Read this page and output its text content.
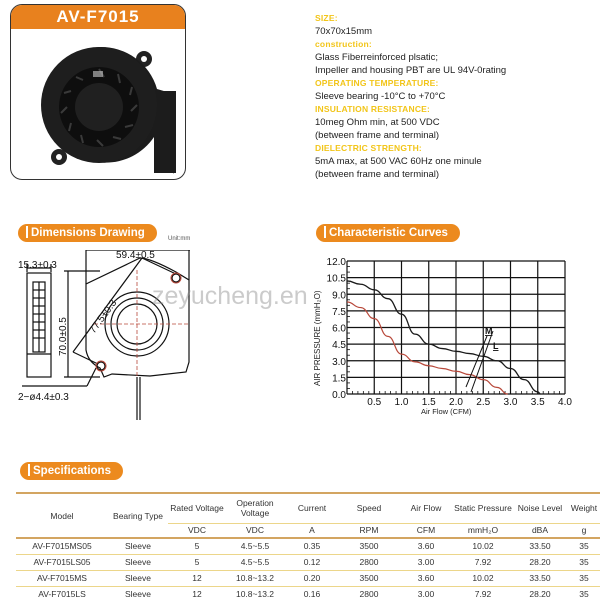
AV-F7015	SIZE:
70x70x15mm
construction:
Glass Fiberreinforced plsatic;
Impeller and housing PBT are UL 94V-0rating
OPERATING TEMPERATURE:
Sleeve bearing -10°C to +70°C
INSULATION RESISTANCE:
10meg Ohm min, at 500 VDC
(between frame and terminal)
DIELECTRIC STRENGTH:
5mA max, at 500 VAC 60Hz one minule
(between frame and terminal)
Dimensions Drawing	Unit:mm	Characteristic Curves
Specifications
15.3±0.3
59.4±0.5
77.5±0.3
70.0±0.5
2−ø4.4±0.3	0.0
1.5
3.0
4.5
6.0
7.5
9.0
10.5
12.0
0.5 1.0 1.5 2.0 2.5 3.0 3.5 4.0
AIR PRESSURE (mmH₂O)
Air Flow (CFM)
M
L
zeyucheng.en
Model	Bearing Type	Rated Voltage	Operation Voltage	Current	Speed	Air Flow	Static Pressure	Noise Level	Weight
		VDC	VDC	A	RPM	CFM	mmH₂O	dBA	g
AV-F7015MS05	Sleeve	5	4.5~5.5	0.35	3500	3.60	10.02	33.50	35
AV-F7015LS05	Sleeve	5	4.5~5.5	0.12	2800	3.00	7.92	28.20	35
AV-F7015MS	Sleeve	12	10.8~13.2	0.20	3500	3.60	10.02	33.50	35
AV-F7015LS	Sleeve	12	10.8~13.2	0.16	2800	3.00	7.92	28.20	35
